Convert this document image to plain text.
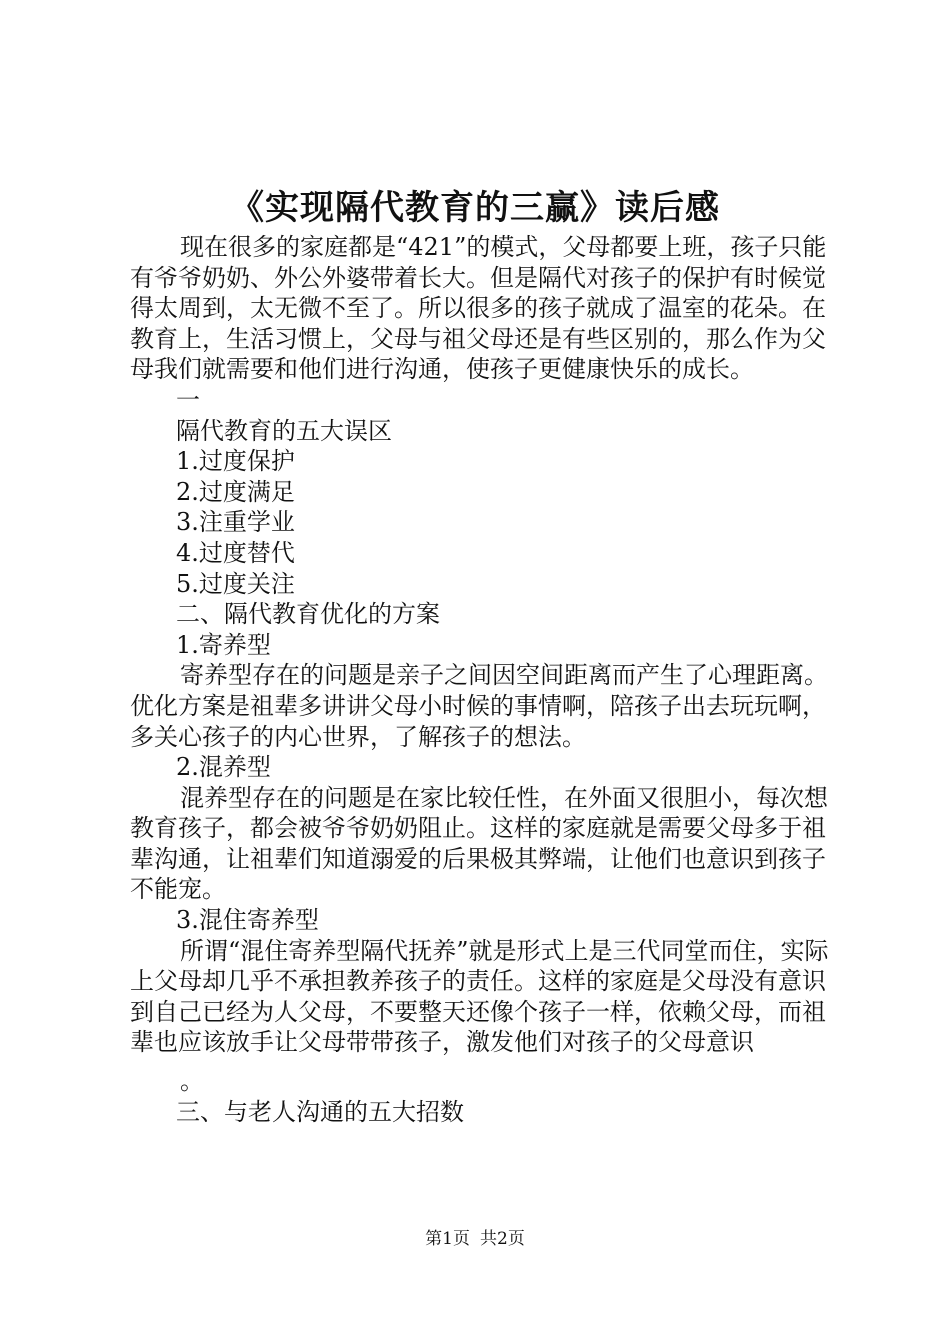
《实现隔代教育的三赢》读后感

现在很多的家庭都是“421”的模式，父母都要上班，孩子只能有爷爷奶奶、外公外婆带着长大。但是隔代对孩子的保护有时候觉得太周到，太无微不至了。所以很多的孩子就成了温室的花朵。在教育上，生活习惯上，父母与祖父母还是有些区别的，那么作为父母我们就需要和他们进行沟通，使孩子更健康快乐的成长。

一

隔代教育的五大误区

1.过度保护

2.过度满足

3.注重学业

4.过度替代

5.过度关注

二、隔代教育优化的方案

1.寄养型

寄养型存在的问题是亲子之间因空间距离而产生了心理距离。优化方案是祖辈多讲讲父母小时候的事情啊，陪孩子出去玩玩啊，多关心孩子的内心世界，了解孩子的想法。

2.混养型

混养型存在的问题是在家比较任性，在外面又很胆小，每次想教育孩子，都会被爷爷奶奶阻止。这样的家庭就是需要父母多于祖辈沟通，让祖辈们知道溺爱的后果极其弊端，让他们也意识到孩子不能宠。

3.混住寄养型

所谓“混住寄养型隔代抚养”就是形式上是三代同堂而住，实际上父母却几乎不承担教养孩子的责任。这样的家庭是父母没有意识到自己已经为人父母，不要整天还像个孩子一样，依赖父母，而祖辈也应该放手让父母带带孩子，激发他们对孩子的父母意识

。

三、与老人沟通的五大招数

第1页 共2页
